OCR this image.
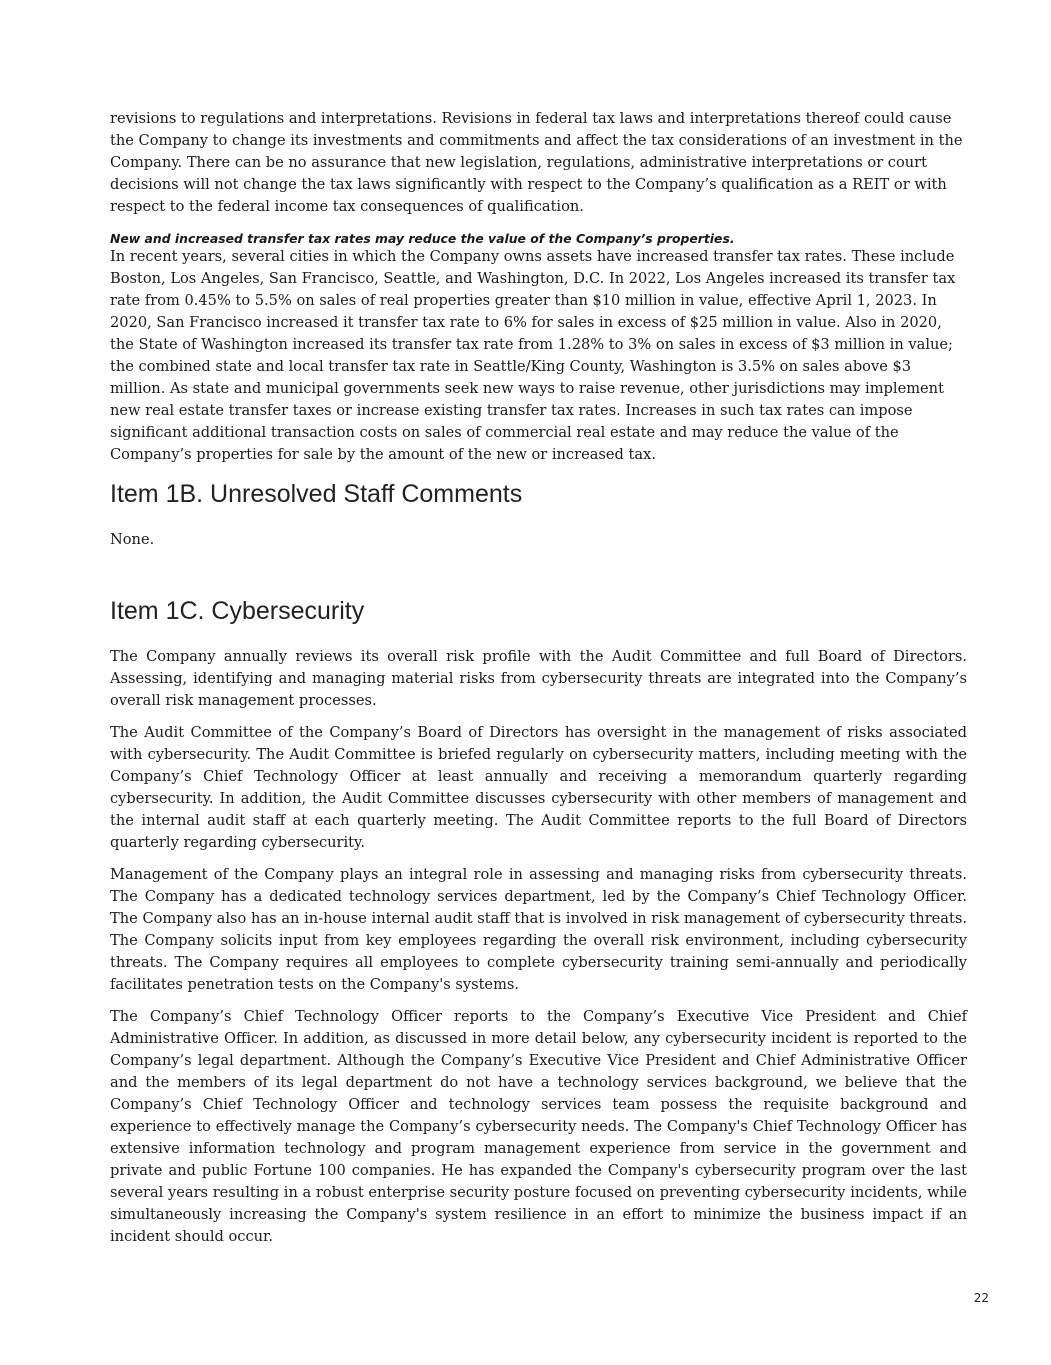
revisions to regulations and interpretations. Revisions in federal tax laws and interpretations thereof could cause the Company to change its investments and commitments and affect the tax considerations of an investment in the Company. There can be no assurance that new legislation, regulations, administrative interpretations or court decisions will not change the tax laws significantly with respect to the Company’s qualification as a REIT or with respect to the federal income tax consequences of qualification.

New and increased transfer tax rates may reduce the value of the Company’s properties.

In recent years, several cities in which the Company owns assets have increased transfer tax rates. These include Boston, Los Angeles, San Francisco, Seattle, and Washington, D.C. In 2022, Los Angeles increased its transfer tax rate from 0.45% to 5.5% on sales of real properties greater than $10 million in value, effective April 1, 2023. In 2020, San Francisco increased it transfer tax rate to 6% for sales in excess of $25 million in value. Also in 2020, the State of Washington increased its transfer tax rate from 1.28% to 3% on sales in excess of $3 million in value; the combined state and local transfer tax rate in Seattle/King County, Washington is 3.5% on sales above $3 million. As state and municipal governments seek new ways to raise revenue, other jurisdictions may implement new real estate transfer taxes or increase existing transfer tax rates. Increases in such tax rates can impose significant additional transaction costs on sales of commercial real estate and may reduce the value of the Company’s properties for sale by the amount of the new or increased tax.

Item 1B. Unresolved Staff Comments

None.

Item 1C. Cybersecurity

The Company annually reviews its overall risk profile with the Audit Committee and full Board of Directors. Assessing, identifying and managing material risks from cybersecurity threats are integrated into the Company’s overall risk management processes.

The Audit Committee of the Company’s Board of Directors has oversight in the management of risks associated with cybersecurity. The Audit Committee is briefed regularly on cybersecurity matters, including meeting with the Company’s Chief Technology Officer at least annually and receiving a memorandum quarterly regarding cybersecurity. In addition, the Audit Committee discusses cybersecurity with other members of management and the internal audit staff at each quarterly meeting. The Audit Committee reports to the full Board of Directors quarterly regarding cybersecurity.

Management of the Company plays an integral role in assessing and managing risks from cybersecurity threats. The Company has a dedicated technology services department, led by the Company’s Chief Technology Officer. The Company also has an in-house internal audit staff that is involved in risk management of cybersecurity threats. The Company solicits input from key employees regarding the overall risk environment, including cybersecurity threats. The Company requires all employees to complete cybersecurity training semi-annually and periodically facilitates penetration tests on the Company's systems.

The Company’s Chief Technology Officer reports to the Company’s Executive Vice President and Chief Administrative Officer. In addition, as discussed in more detail below, any cybersecurity incident is reported to the Company’s legal department. Although the Company’s Executive Vice President and Chief Administrative Officer and the members of its legal department do not have a technology services background, we believe that the Company’s Chief Technology Officer and technology services team possess the requisite background and experience to effectively manage the Company’s cybersecurity needs. The Company's Chief Technology Officer has extensive information technology and program management experience from service in the government and private and public Fortune 100 companies. He has expanded the Company's cybersecurity program over the last several years resulting in a robust enterprise security posture focused on preventing cybersecurity incidents, while simultaneously increasing the Company's system resilience in an effort to minimize the business impact if an incident should occur.

22
